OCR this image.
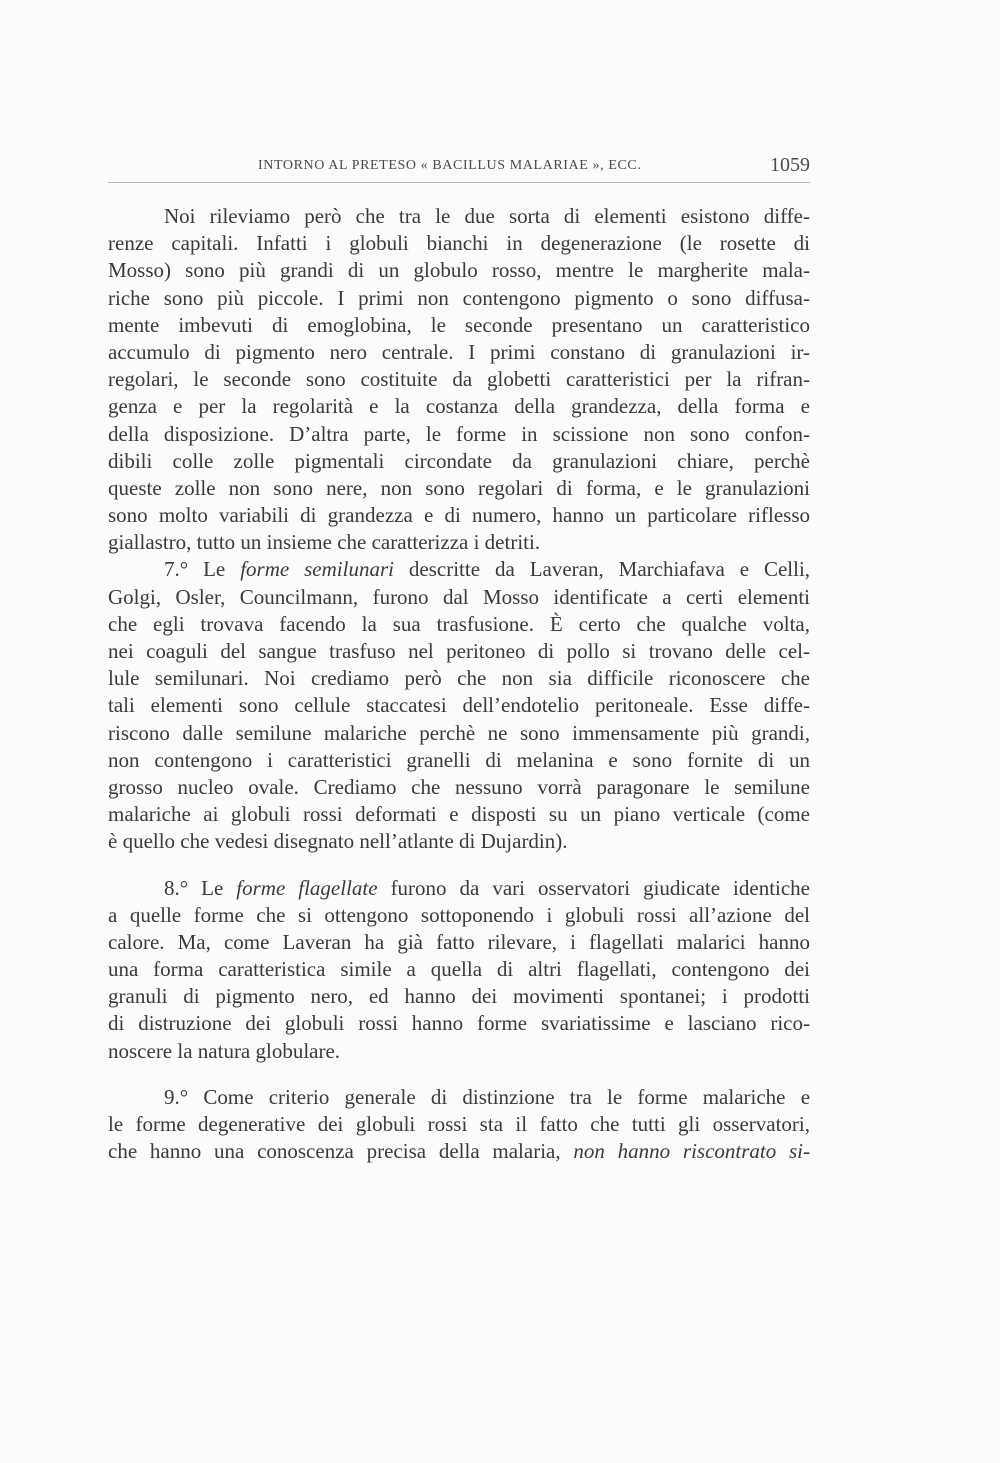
INTORNO AL PRETESO « BACILLUS MALARIAE », ECC.	1059
Noi rileviamo però che tra le due sorta di elementi esistono diffe-
renze capitali. Infatti i globuli bianchi in degenerazione (le rosette di
Mosso) sono più grandi di un globulo rosso, mentre le margherite mala-
riche sono più piccole. I primi non contengono pigmento o sono diffusa-
mente imbevuti di emoglobina, le seconde presentano un caratteristico
accumulo di pigmento nero centrale. I primi constano di granulazioni ir-
regolari, le seconde sono costituite da globetti caratteristici per la rifran-
genza e per la regolarità e la costanza della grandezza, della forma e
della disposizione. D’altra parte, le forme in scissione non sono confon-
dibili colle zolle pigmentali circondate da granulazioni chiare, perchè
queste zolle non sono nere, non sono regolari di forma, e le granulazioni
sono molto variabili di grandezza e di numero, hanno un particolare riflesso
giallastro, tutto un insieme che caratterizza i detriti.
7.° Le forme semilunari descritte da Laveran, Marchiafava e Celli,
Golgi, Osler, Councilmann, furono dal Mosso identificate a certi elementi
che egli trovava facendo la sua trasfusione. È certo che qualche volta,
nei coaguli del sangue trasfuso nel peritoneo di pollo si trovano delle cel-
lule semilunari. Noi crediamo però che non sia difficile riconoscere che
tali elementi sono cellule staccatesi dell’endotelio peritoneale. Esse diffe-
riscono dalle semilune malariche perchè ne sono immensamente più grandi,
non contengono i caratteristici granelli di melanina e sono fornite di un
grosso nucleo ovale. Crediamo che nessuno vorrà paragonare le semilune
malariche ai globuli rossi deformati e disposti su un piano verticale (come
è quello che vedesi disegnato nell’atlante di Dujardin).
8.° Le forme flagellate furono da vari osservatori giudicate identiche
a quelle forme che si ottengono sottoponendo i globuli rossi all’azione del
calore. Ma, come Laveran ha già fatto rilevare, i flagellati malarici hanno
una forma caratteristica simile a quella di altri flagellati, contengono dei
granuli di pigmento nero, ed hanno dei movimenti spontanei; i prodotti
di distruzione dei globuli rossi hanno forme svariatissime e lasciano rico-
noscere la natura globulare.
9.° Come criterio generale di distinzione tra le forme malariche e
le forme degenerative dei globuli rossi sta il fatto che tutti gli osservatori,
che hanno una conoscenza precisa della malaria, non hanno riscontrato si-
